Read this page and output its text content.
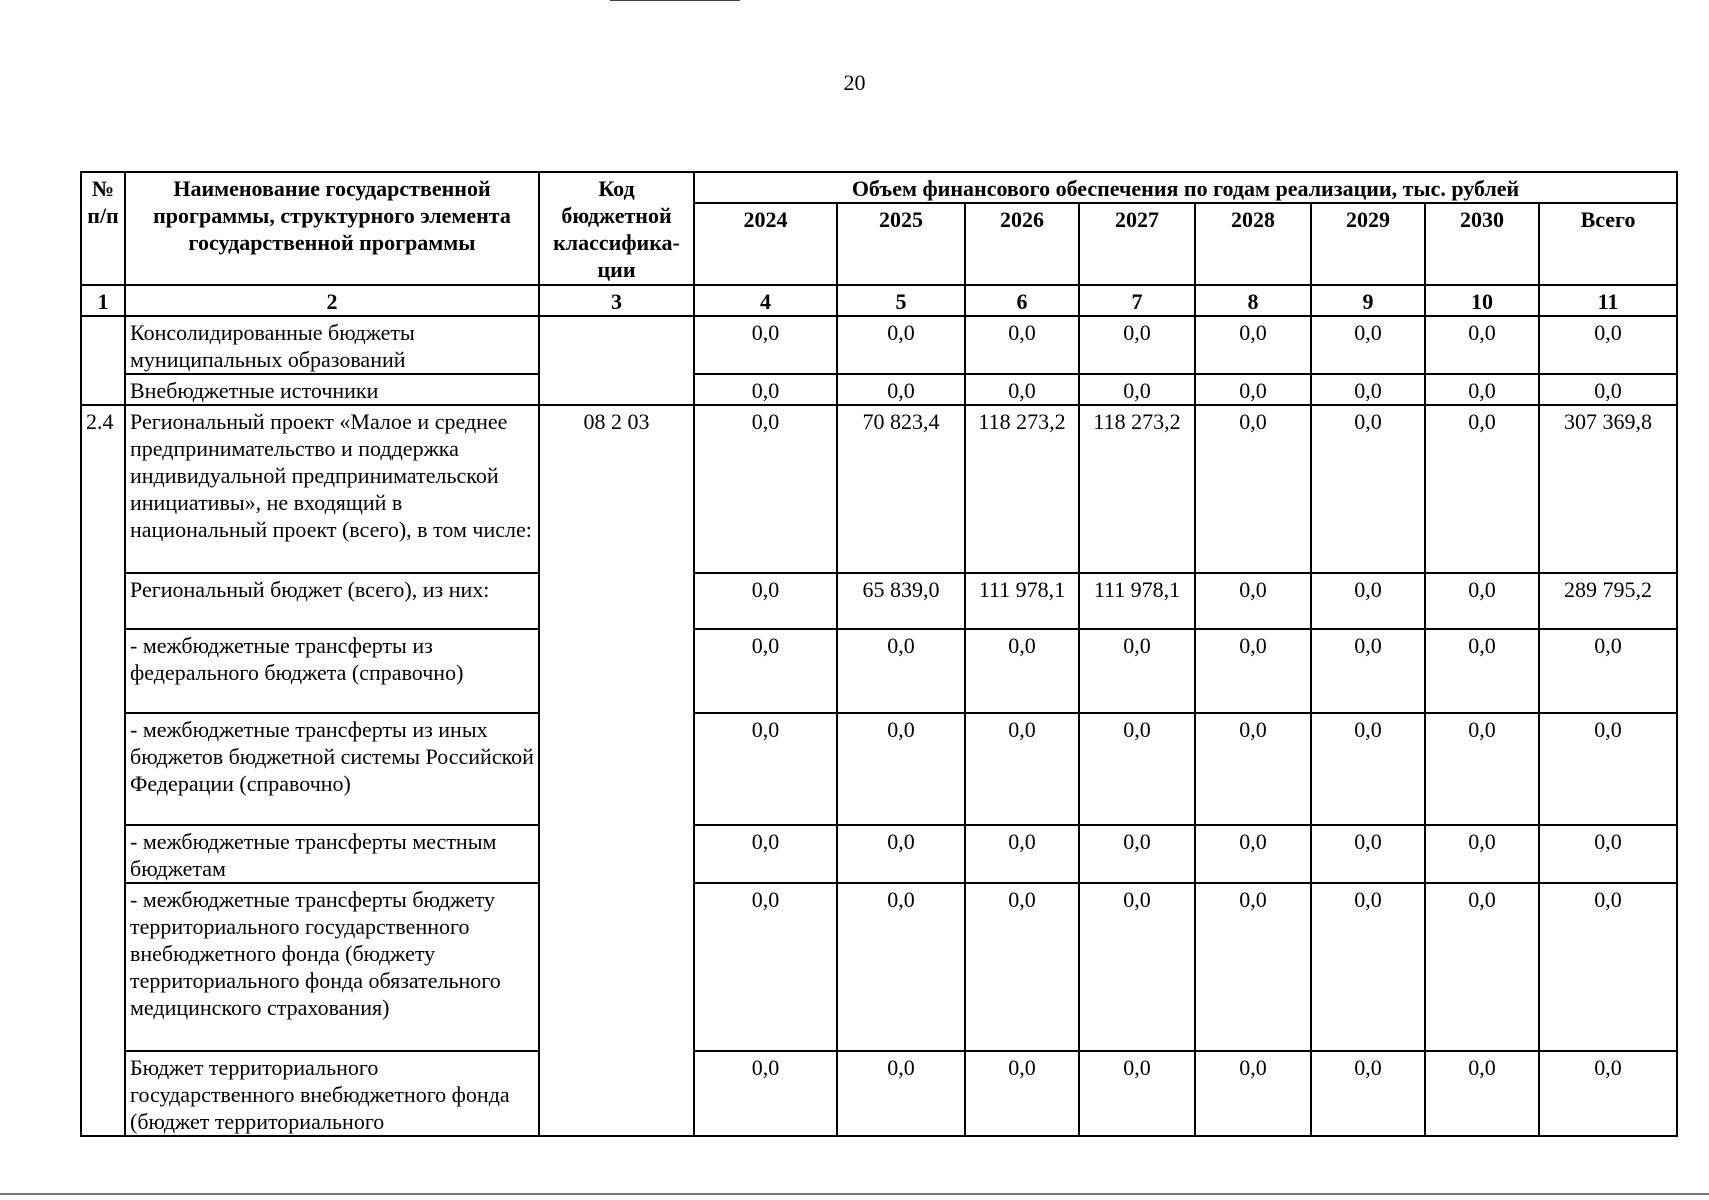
20
№ п/п	Наименование государственной программы, структурного элемента государственной программы	Код бюджетной классифика-ции	Объем финансового обеспечения по годам реализации, тыс. рублей							
			2024	2025	2026	2027	2028	2029	2030	Всего
1	2	3	4	5	6	7	8	9	10	11
	Консолидированные бюджеты муниципальных образований		0,0	0,0	0,0	0,0	0,0	0,0	0,0	0,0
	Внебюджетные источники		0,0	0,0	0,0	0,0	0,0	0,0	0,0	0,0
2.4	Региональный проект «Малое и среднее предпринимательство и поддержка индивидуальной предпринимательской инициативы», не входящий в национальный проект (всего), в том числе:	08 2 03	0,0	70 823,4	118 273,2	118 273,2	0,0	0,0	0,0	307 369,8
	Региональный бюджет (всего), из них:		0,0	65 839,0	111 978,1	111 978,1	0,0	0,0	0,0	289 795,2
	- межбюджетные трансферты из федерального бюджета (справочно)		0,0	0,0	0,0	0,0	0,0	0,0	0,0	0,0
	- межбюджетные трансферты из иных бюджетов бюджетной системы Российской Федерации (справочно)		0,0	0,0	0,0	0,0	0,0	0,0	0,0	0,0
	- межбюджетные трансферты местным бюджетам		0,0	0,0	0,0	0,0	0,0	0,0	0,0	0,0
	- межбюджетные трансферты бюджету территориального государственного внебюджетного фонда (бюджету территориального фонда обязательного медицинского страхования)		0,0	0,0	0,0	0,0	0,0	0,0	0,0	0,0
	Бюджет территориального государственного внебюджетного фонда (бюджет территориального		0,0	0,0	0,0	0,0	0,0	0,0	0,0	0,0
